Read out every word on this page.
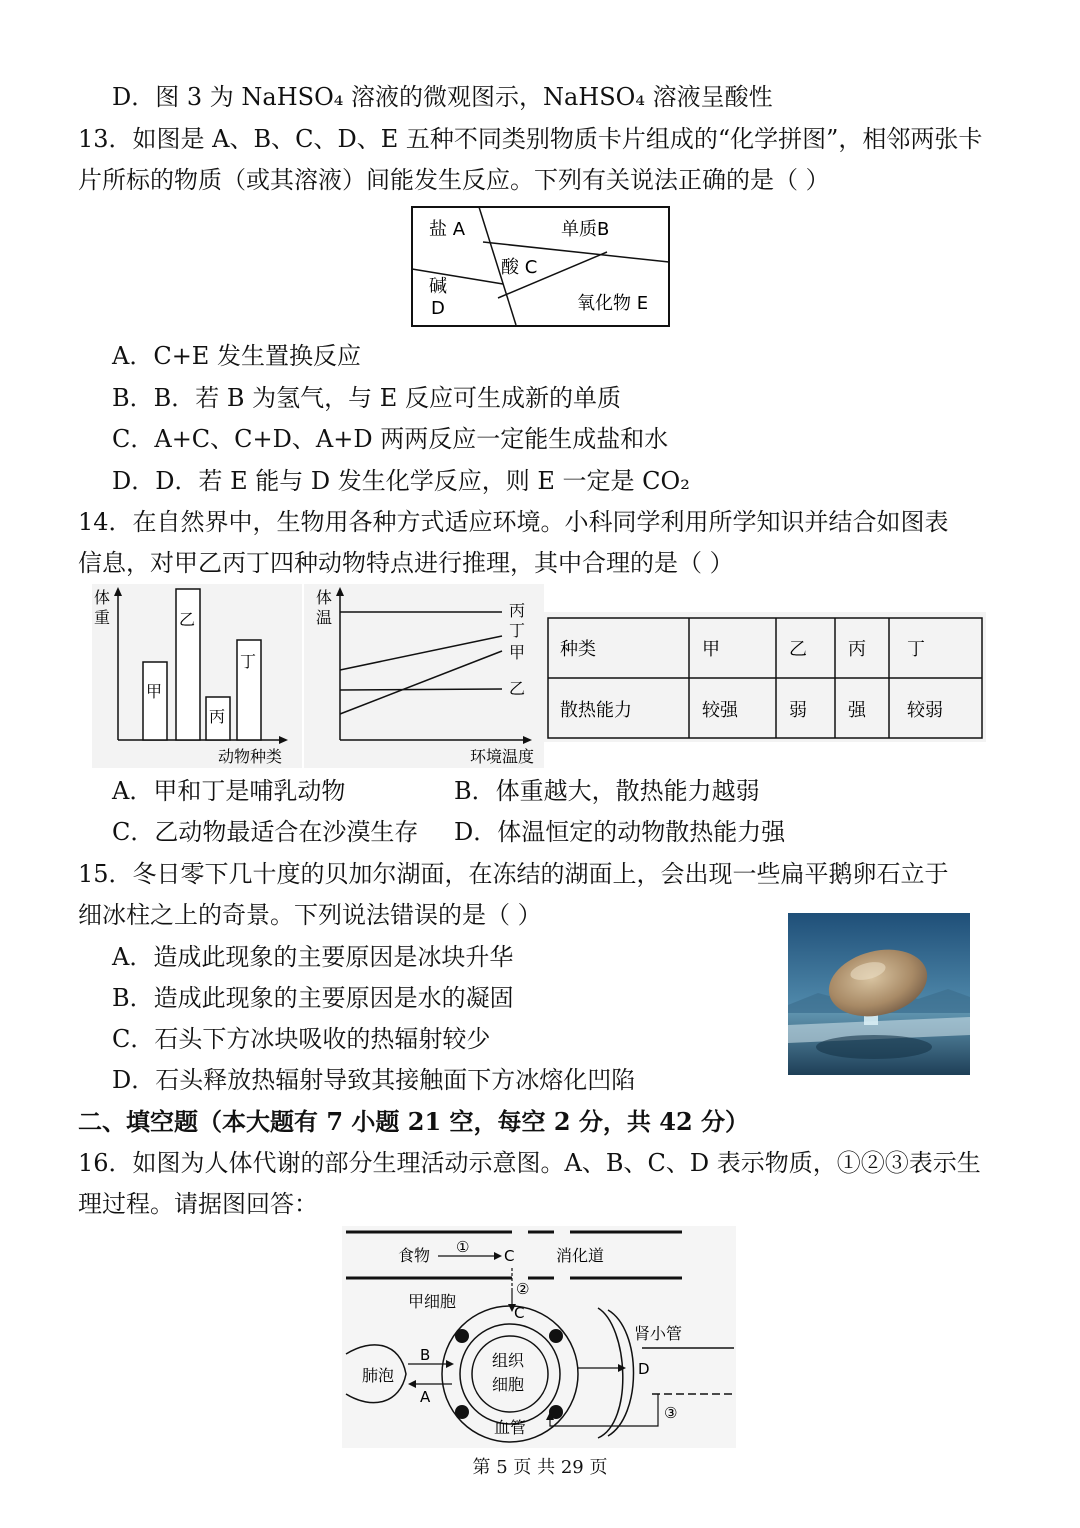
D．图 3 为 NaHSO₄ 溶液的微观图示，NaHSO₄ 溶液呈酸性
13．如图是 A、B、C、D、E 五种不同类别物质卡片组成的“化学拼图”，相邻两张卡
片所标的物质（或其溶液）间能发生反应。下列有关说法正确的是（ ）
盐 A	单质B
酸 C
碱
D	氧化物 E
A．C+E 发生置换反应
B．B．若 B 为氢气，与 E 反应可生成新的单质
C．A+C、C+D、A+D 两两反应一定能生成盐和水
D．D．若 E 能与 D 发生化学反应，则 E 一定是 CO₂
14．在自然界中，生物用各种方式适应环境。小科同学利用所学知识并结合如图表
信息，对甲乙丙丁四种动物特点进行推理，其中合理的是（ ）
体
重
动物种类
甲
乙
丙
丁
体
温
环境温度
丙
丁
甲
乙
种类	甲	乙 丙 丁
散热能力	较强	弱 强 较弱
A．甲和丁是哺乳动物	B．体重越大，散热能力越弱
C．乙动物最适合在沙漠生存 D．体温恒定的动物散热能力强
15．冬日零下几十度的贝加尔湖面，在冻结的湖面上，会出现一些扁平鹅卵石立于
细冰柱之上的奇景。下列说法错误的是（ ）
A．造成此现象的主要原因是冰块升华
B．造成此现象的主要原因是水的凝固
C．石头下方冰块吸收的热辐射较少
D．石头释放热辐射导致其接触面下方冰熔化凹陷
二、填空题（本大题有 7 小题 21 空，每空 2 分，共 42 分）
16．如图为人体代谢的部分生理活动示意图。A、B、C、D 表示物质，①②③表示生
理过程。请据图回答：
食物 ① C	消化道
②
C
甲细胞
组织
细胞
血管
肺泡
B
A
肾小管
D
③
第 5 页 共 29 页
